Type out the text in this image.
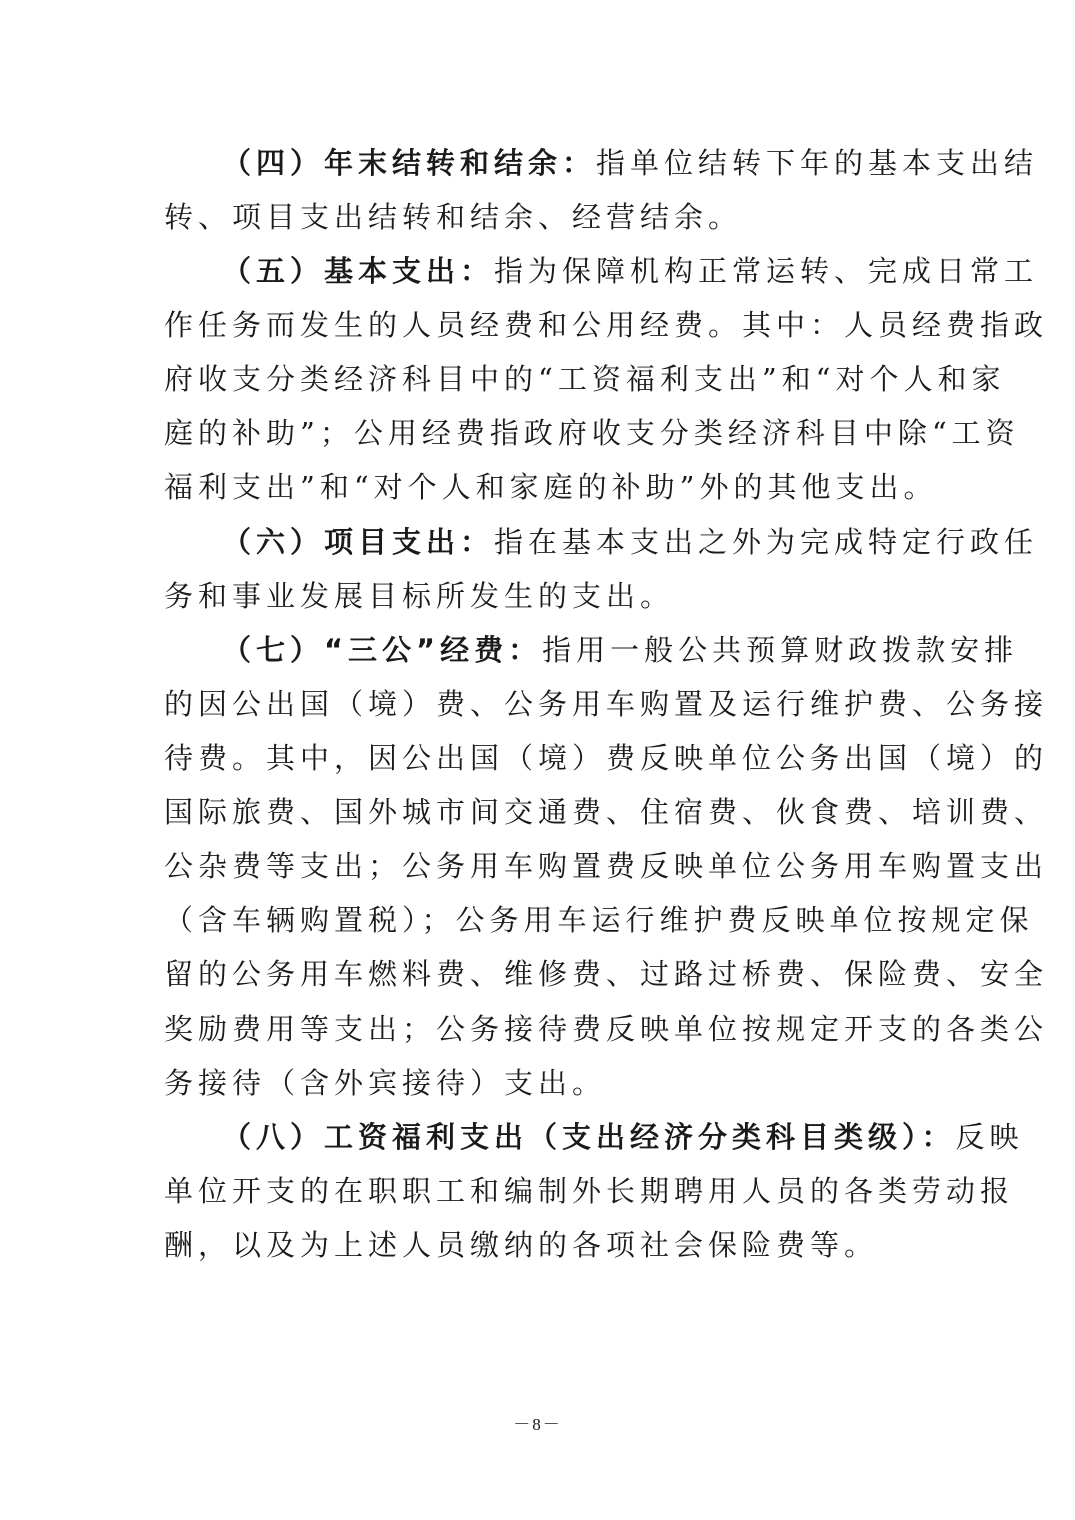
（四）年末结转和结余：指单位结转下年的基本支出结
转、项目支出结转和结余、经营结余。
（五）基本支出：指为保障机构正常运转、完成日常工
作任务而发生的人员经费和公用经费。其中：人员经费指政
府收支分类经济科目中的“工资福利支出”和“对个人和家
庭的补助”；公用经费指政府收支分类经济科目中除“工资
福利支出”和“对个人和家庭的补助”外的其他支出。
（六）项目支出：指在基本支出之外为完成特定行政任
务和事业发展目标所发生的支出。
（七）“三公”经费：指用一般公共预算财政拨款安排
的因公出国（境）费、公务用车购置及运行维护费、公务接
待费。其中，因公出国（境）费反映单位公务出国（境）的
国际旅费、国外城市间交通费、住宿费、伙食费、培训费、
公杂费等支出；公务用车购置费反映单位公务用车购置支出
（含车辆购置税）；公务用车运行维护费反映单位按规定保
留的公务用车燃料费、维修费、过路过桥费、保险费、安全
奖励费用等支出；公务接待费反映单位按规定开支的各类公
务接待（含外宾接待）支出。
（八）工资福利支出（支出经济分类科目类级）：反映
单位开支的在职职工和编制外长期聘用人员的各类劳动报
酬，以及为上述人员缴纳的各项社会保险费等。
－8－
